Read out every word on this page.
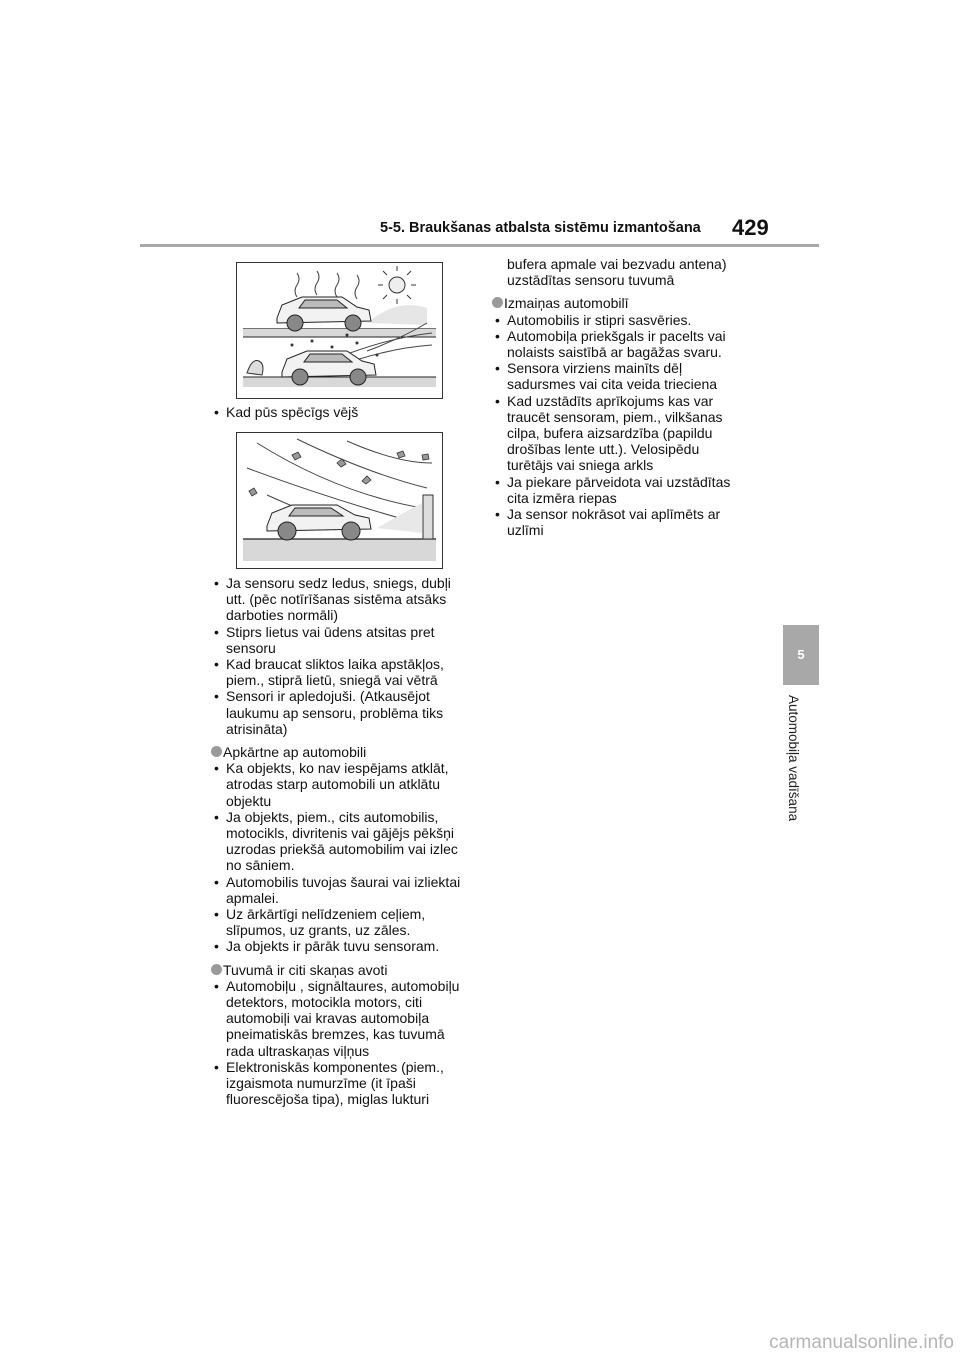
5-5. Braukšanas atbalsta sistēmu izmantošana 429
5
Automobiļa vadīšana
• Kad pūs spēcīgs vējš
• Ja sensoru sedz ledus, sniegs, dubļi utt. (pēc notīrīšanas sistēma atsāks darboties normāli)
• Stiprs lietus vai ūdens atsitas pret sensoru
• Kad braucat sliktos laika apstākļos, piem., stiprā lietū, sniegā vai vētrā
• Sensori ir apledojuši. (Atkausējot laukumu ap sensoru, problēma tiks atrisināta)
Apkārtne ap automobili
• Ka objekts, ko nav iespējams atklāt, atrodas starp automobili un atklātu objektu
• Ja objekts, piem., cits automobilis, motocikls, divritenis vai gājējs pēkšņi uzrodas priekšā automobilim vai izlec no sāniem.
• Automobilis tuvojas šaurai vai izliektai apmalei.
• Uz ārkārtīgi nelīdzeniem ceļiem, slīpumos, uz grants, uz zāles.
• Ja objekts ir pārāk tuvu sensoram.
Tuvumā ir citi skaņas avoti
• Automobiļu , signāltaures, automobiļu detektors, motocikla motors, citi automobiļi vai kravas automobiļa pneimatiskās bremzes, kas tuvumā rada ultraskaņas viļņus
• Elektroniskās komponentes (piem., izgaismota numurzīme (it īpaši fluorescējoša tipa), miglas lukturi
bufera apmale vai bezvadu antena) uzstādītas sensoru tuvumā
Izmaiņas automobilī
• Automobilis ir stipri sasvēries.
• Automobiļa priekšgals ir pacelts vai nolaists saistībā ar bagāžas svaru.
• Sensora virziens mainīts dēļ sadursmes vai cita veida trieciena
• Kad uzstādīts aprīkojums kas var traucēt sensoram, piem., vilkšanas cilpa, bufera aizsardzība (papildu drošības lente utt.). Velosipēdu turētājs vai sniega arkls
• Ja piekare pārveidota vai uzstādītas cita izmēra riepas
• Ja sensor nokrāsot vai aplīmēts ar uzlīmi
carmanualsonline.info
